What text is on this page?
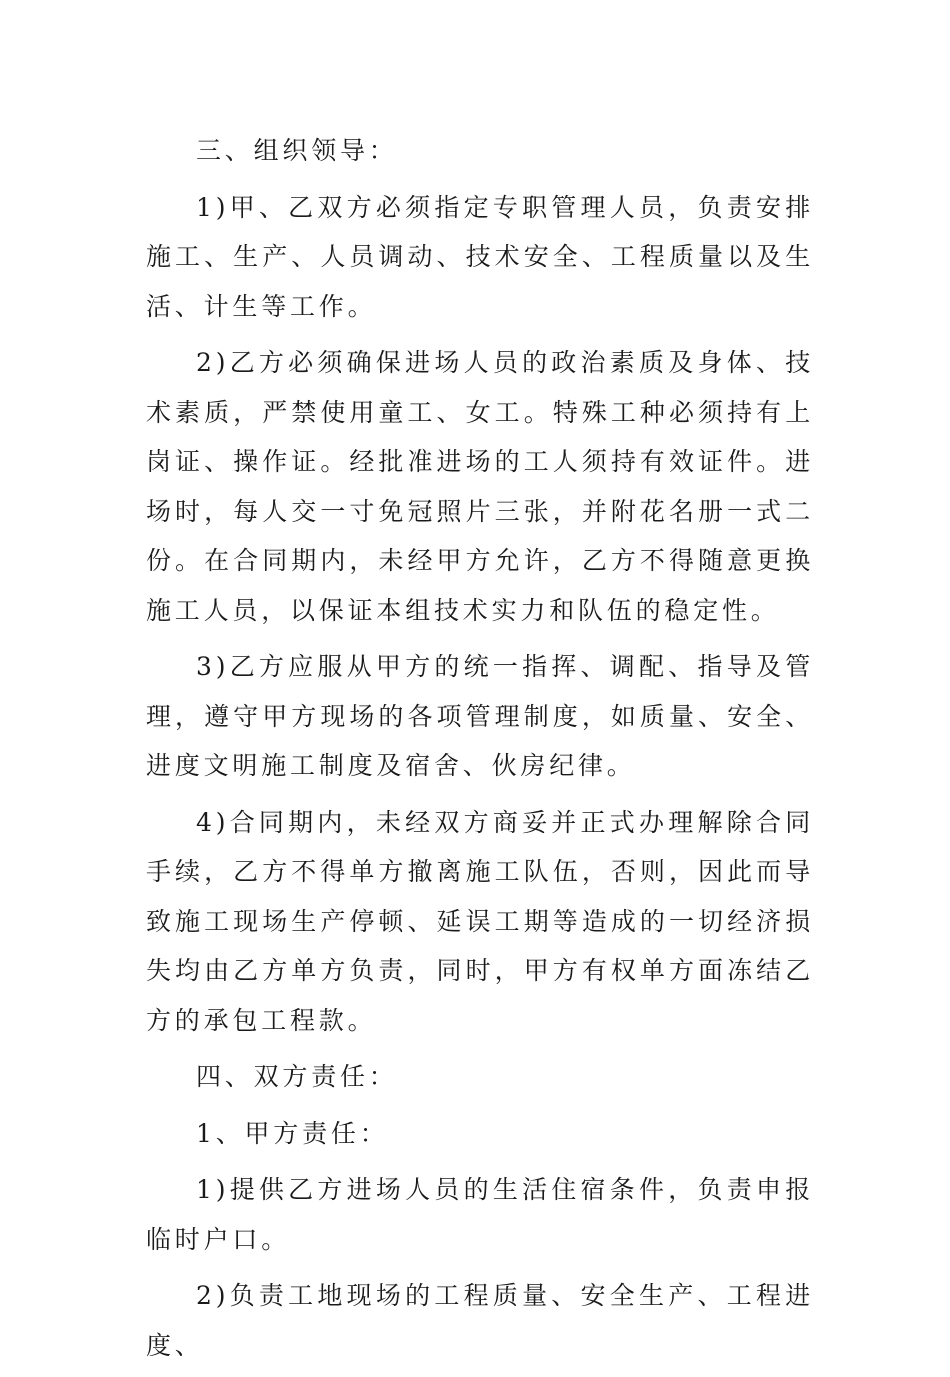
三、组织领导：

1)甲、乙双方必须指定专职管理人员，负责安排施工、生产、人员调动、技术安全、工程质量以及生活、计生等工作。

2)乙方必须确保进场人员的政治素质及身体、技术素质，严禁使用童工、女工。特殊工种必须持有上岗证、操作证。经批准进场的工人须持有效证件。进场时，每人交一寸免冠照片三张，并附花名册一式二份。在合同期内，未经甲方允许，乙方不得随意更换施工人员，以保证本组技术实力和队伍的稳定性。

3)乙方应服从甲方的统一指挥、调配、指导及管理，遵守甲方现场的各项管理制度，如质量、安全、进度文明施工制度及宿舍、伙房纪律。

4)合同期内，未经双方商妥并正式办理解除合同手续，乙方不得单方撤离施工队伍，否则，因此而导致施工现场生产停顿、延误工期等造成的一切经济损失均由乙方单方负责，同时，甲方有权单方面冻结乙方的承包工程款。

四、双方责任：

1、甲方责任：

1)提供乙方进场人员的生活住宿条件，负责申报临时户口。

2)负责工地现场的工程质量、安全生产、工程进度、
